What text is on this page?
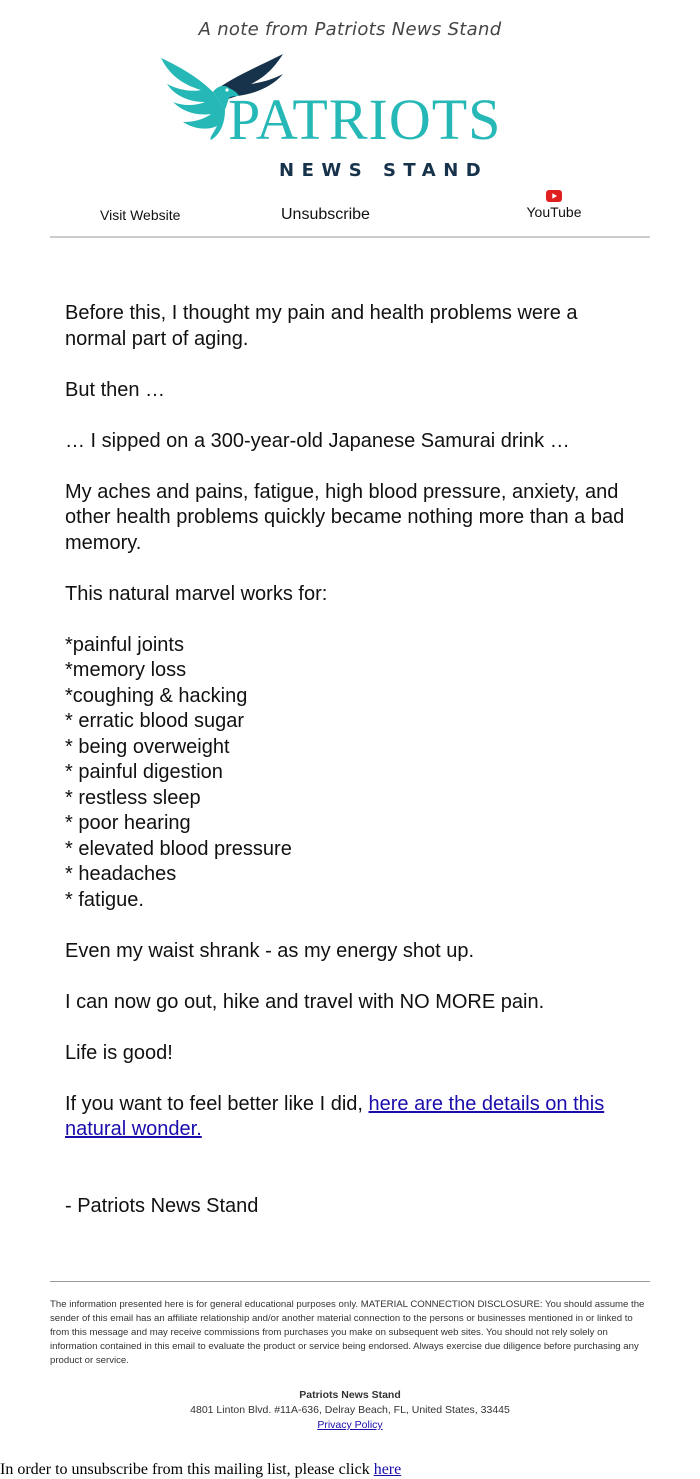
A note from Patriots News Stand
PATRIOTS
NEWS STAND
Visit Website	Unsubscribe	YouTube

Before this, I thought my pain and health problems were a normal part of aging.

But then …

… I sipped on a 300-year-old Japanese Samurai drink …

My aches and pains, fatigue, high blood pressure, anxiety, and other health problems quickly became nothing more than a bad memory.

This natural marvel works for:

*painful joints
*memory loss
*coughing & hacking
* erratic blood sugar
* being overweight
* painful digestion
* restless sleep
* poor hearing
* elevated blood pressure
* headaches
* fatigue.

Even my waist shrank - as my energy shot up.

I can now go out, hike and travel with NO MORE pain.

Life is good!

If you want to feel better like I did, here are the details on this natural wonder.

- Patriots News Stand

The information presented here is for general educational purposes only. MATERIAL CONNECTION DISCLOSURE: You should assume the sender of this email has an affiliate relationship and/or another material connection to the persons or businesses mentioned in or linked to from this message and may receive commissions from purchases you make on subsequent web sites. You should not rely solely on information contained in this email to evaluate the product or service being endorsed. Always exercise due diligence before purchasing any product or service.
Patriots News Stand
4801 Linton Blvd. #11A-636, Delray Beach, FL, United States, 33445
Privacy Policy
In order to unsubscribe from this mailing list, please click here
